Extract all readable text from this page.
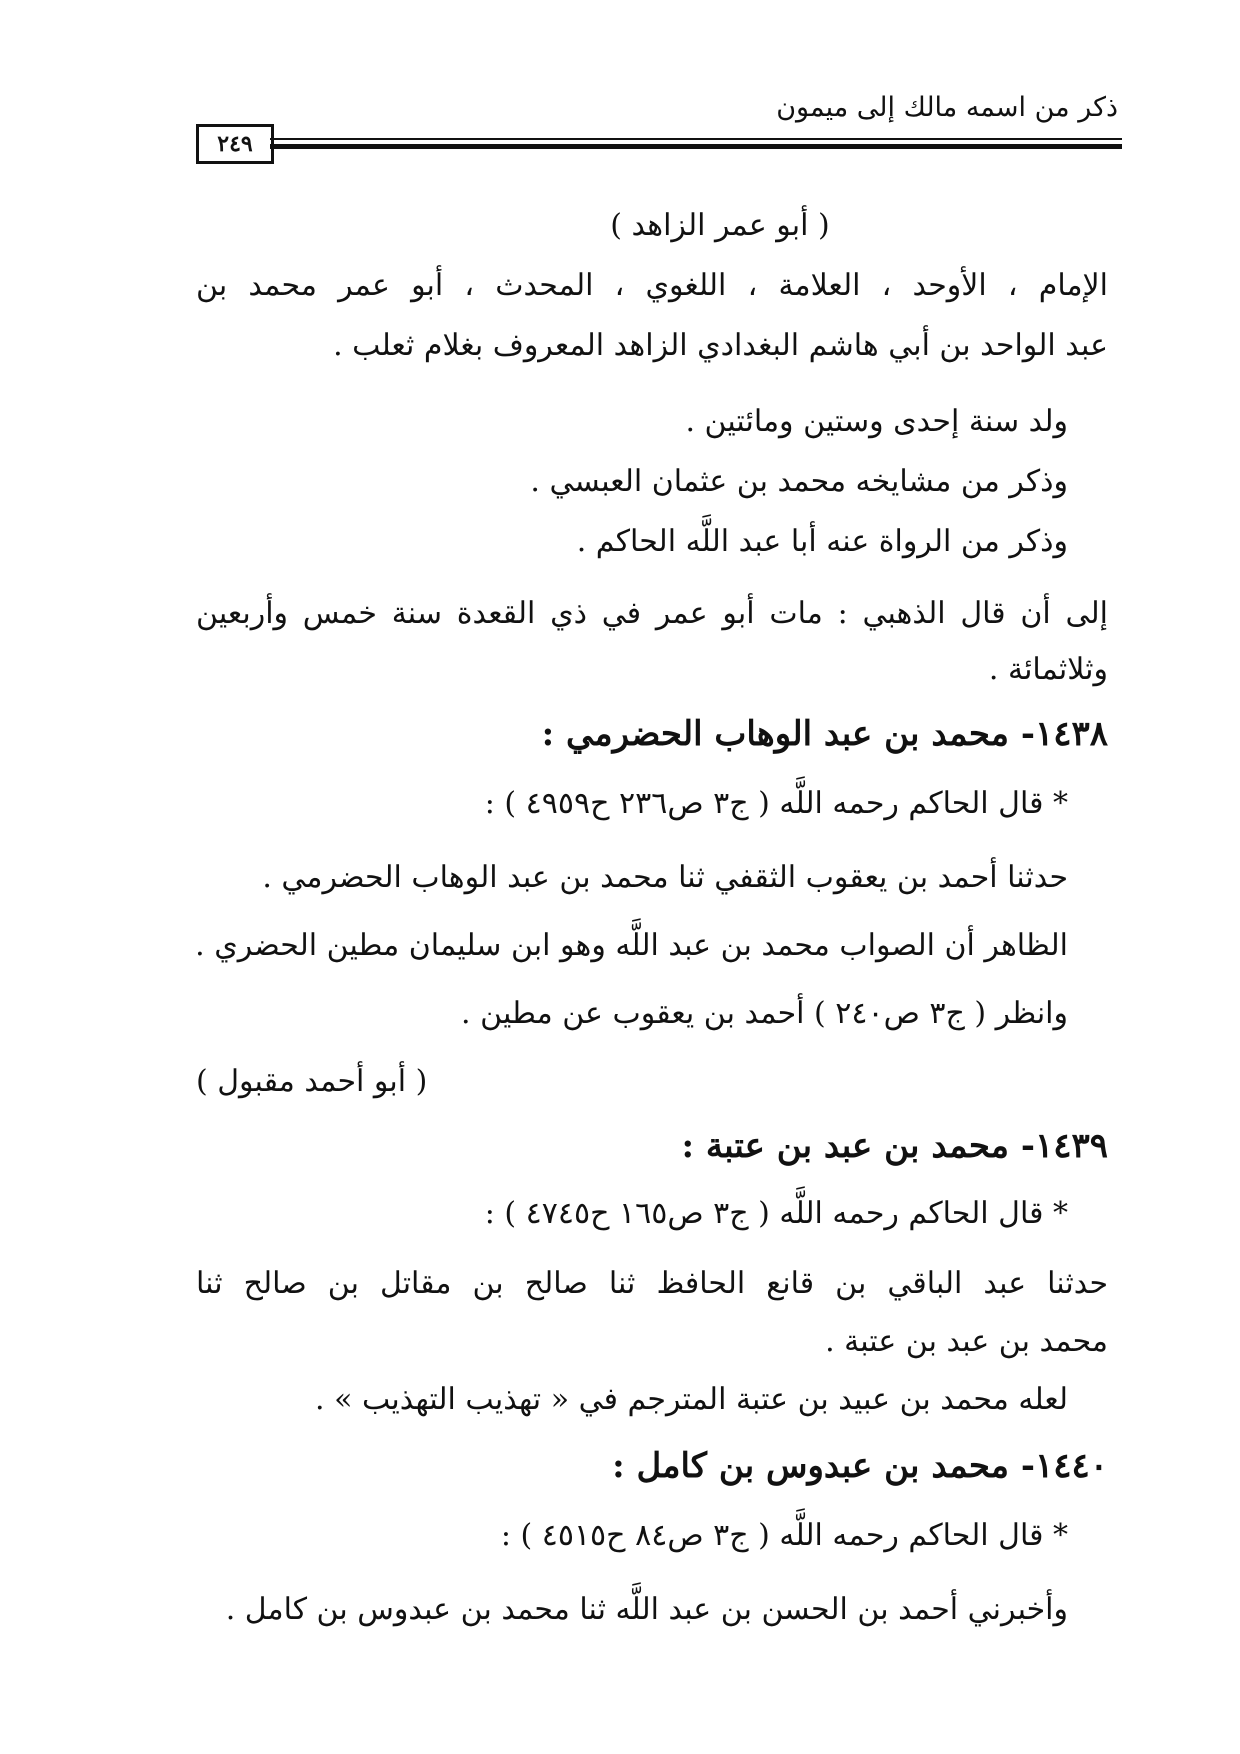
ذكر من اسمه مالك إلى ميمون
٢٤٩
( أبو عمر الزاهد )
الإمام ، الأوحد ، العلامة ، اللغوي ، المحدث ، أبو عمر محمد بن
عبد الواحد بن أبي هاشم البغدادي الزاهد المعروف بغلام ثعلب .
ولد سنة إحدى وستين ومائتين .
وذكر من مشايخه محمد بن عثمان العبسي .
وذكر من الرواة عنه أبا عبد اللَّه الحاكم .
إلى أن قال الذهبي : مات أبو عمر في ذي القعدة سنة خمس وأربعين
وثلاثمائة .
١٤٣٨- محمد بن عبد الوهاب الحضرمي :
* قال الحاكم رحمه اللَّه ( ج٣ ص٢٣٦ ح٤٩٥٩ ) :
حدثنا أحمد بن يعقوب الثقفي ثنا محمد بن عبد الوهاب الحضرمي .
الظاهر أن الصواب محمد بن عبد اللَّه وهو ابن سليمان مطين الحضري .
وانظر ( ج٣ ص٢٤٠ ) أحمد بن يعقوب عن مطين .
( أبو أحمد مقبول )
١٤٣٩- محمد بن عبد بن عتبة :
* قال الحاكم رحمه اللَّه ( ج٣ ص١٦٥ ح٤٧٤٥ ) :
حدثنا عبد الباقي بن قانع الحافظ ثنا صالح بن مقاتل بن صالح ثنا
محمد بن عبد بن عتبة .
لعله محمد بن عبيد بن عتبة المترجم في « تهذيب التهذيب » .
١٤٤٠- محمد بن عبدوس بن كامل :
* قال الحاكم رحمه اللَّه ( ج٣ ص٨٤ ح٤٥١٥ ) :
وأخبرني أحمد بن الحسن بن عبد اللَّه ثنا محمد بن عبدوس بن كامل .
